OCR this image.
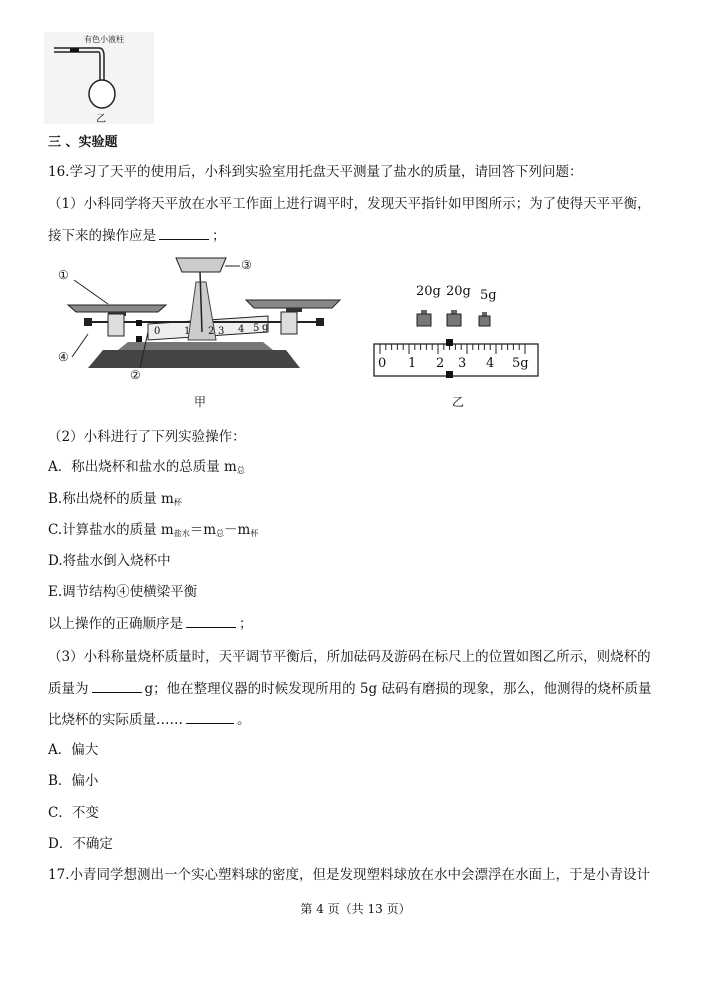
有色小液柱
乙
三 、实验题
16.学习了天平的使用后，小科到实验室用托盘天平测量了盐水的质量，请回答下列问题：
（1）小科同学将天平放在水平工作面上进行调平时，发现天平指针如甲图所示；为了使得天平平衡，
接下来的操作应是	；
①
②
③
④
0 1 2 3 4 5 g
甲
20g 20g 5g
0 1 2 3 4 5g
乙
（2）小科进行了下列实验操作：
A．称出烧杯和盐水的总质量 $m_总$
B.称出烧杯的质量 $m_杯$
C.计算盐水的质量 $m_{盐水}=m_总-m_杯$
D.将盐水倒入烧杯中
E.调节结构④使横梁平衡
以上操作的正确顺序是	；
（3）小科称量烧杯质量时，天平调节平衡后，所加砝码及游码在标尺上的位置如图乙所示，则烧杯的
质量为	g；他在整理仪器的时候发现所用的 5g 砝码有磨损的现象，那么，他测得的烧杯质量
比烧杯的实际质量……	。
A．偏大
B．偏小
C．不变
D．不确定
17.小青同学想测出一个实心塑料球的密度，但是发现塑料球放在水中会漂浮在水面上，于是小青设计
第 4 页（共 13 页）
